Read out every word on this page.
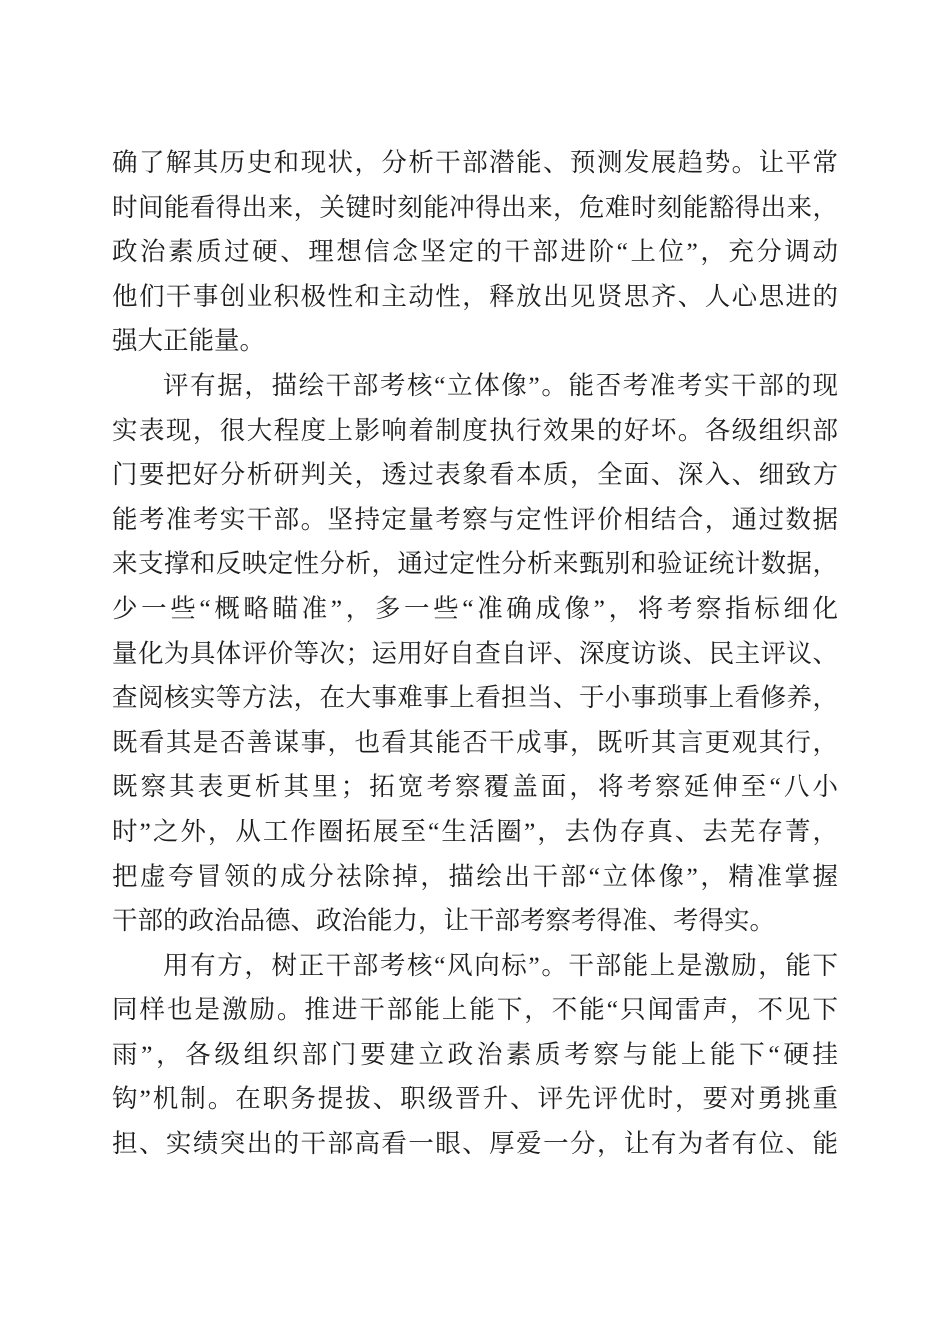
确了解其历史和现状，分析干部潜能、预测发展趋势。让平常
时间能看得出来，关键时刻能冲得出来，危难时刻能豁得出来，
政治素质过硬、理想信念坚定的干部进阶“上位”，充分调动
他们干事创业积极性和主动性，释放出见贤思齐、人心思进的
强大正能量。
评有据，描绘干部考核“立体像”。能否考准考实干部的现
实表现，很大程度上影响着制度执行效果的好坏。各级组织部
门要把好分析研判关，透过表象看本质，全面、深入、细致方
能考准考实干部。坚持定量考察与定性评价相结合，通过数据
来支撑和反映定性分析，通过定性分析来甄别和验证统计数据，
少一些“概略瞄准”，多一些“准确成像”，将考察指标细化
量化为具体评价等次；运用好自查自评、深度访谈、民主评议、
查阅核实等方法，在大事难事上看担当、于小事琐事上看修养，
既看其是否善谋事，也看其能否干成事，既听其言更观其行，
既察其表更析其里；拓宽考察覆盖面，将考察延伸至“八小
时”之外，从工作圈拓展至“生活圈”，去伪存真、去芜存菁，
把虚夸冒领的成分祛除掉，描绘出干部“立体像”，精准掌握
干部的政治品德、政治能力，让干部考察考得准、考得实。
用有方，树正干部考核“风向标”。干部能上是激励，能下
同样也是激励。推进干部能上能下，不能“只闻雷声，不见下
雨”，各级组织部门要建立政治素质考察与能上能下“硬挂
钩”机制。在职务提拔、职级晋升、评先评优时，要对勇挑重
担、实绩突出的干部高看一眼、厚爱一分，让有为者有位、能
